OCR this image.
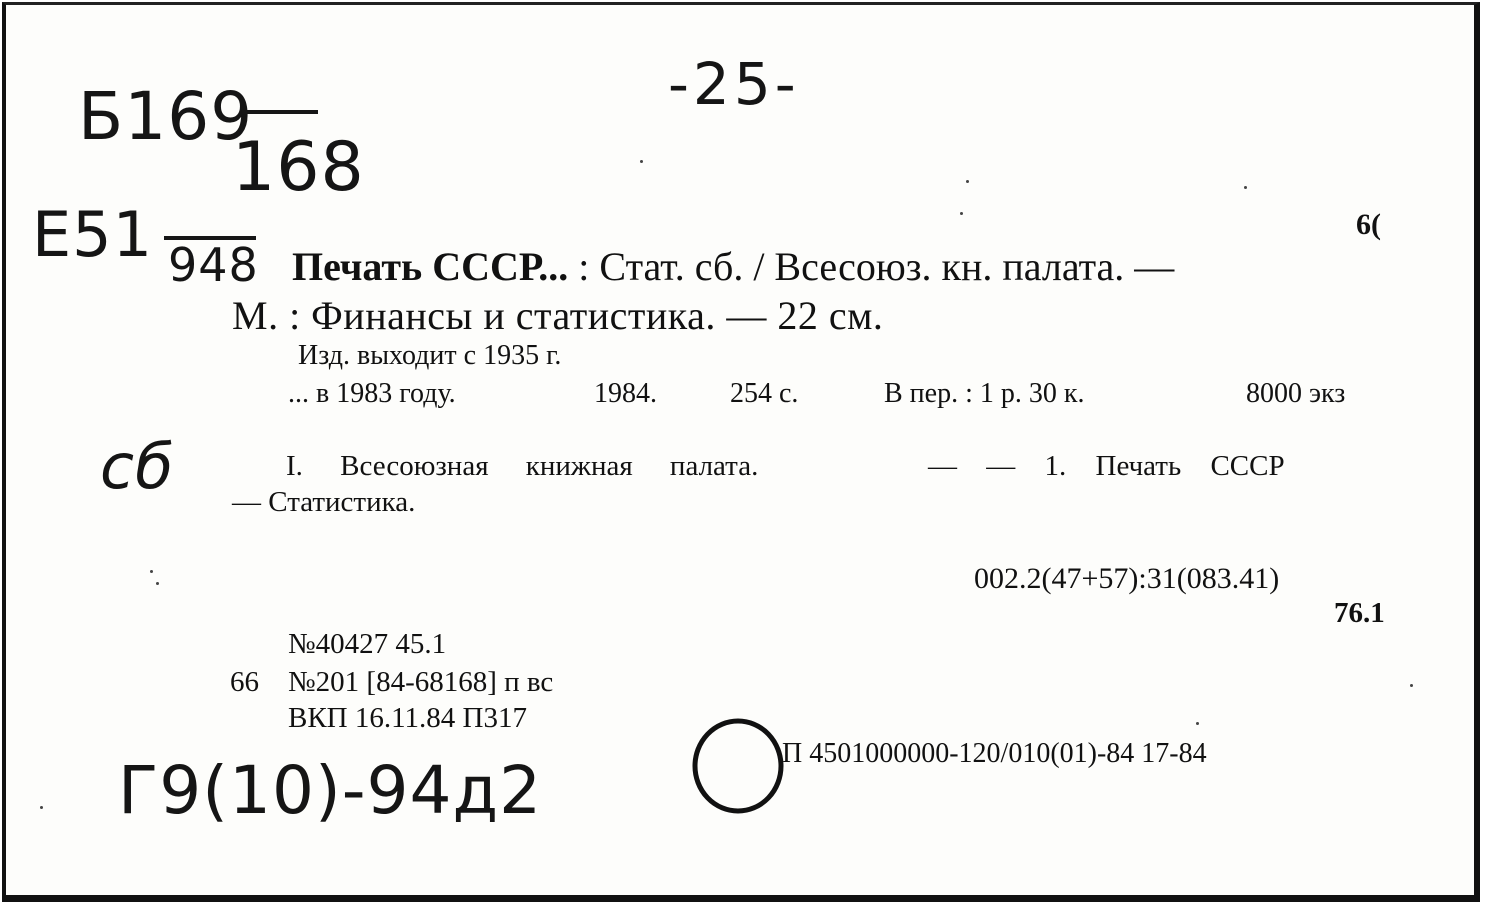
-25-
Б169
168
Е51 948
сб
Г9(10)-94д2
6(
Печать СССР... : Стат. сб. / Всесоюз. кн. палата. —
М. : Финансы и статистика. — 22 см.
Изд. выходит с 1935 г.
... в 1983 году.	1984.	254 с.	В пер. : 1 р. 30 к.	8000 экз
I. Всесоюзная книжная палата.	— — 1. Печать СССР
— Статистика.
002.2(47+57):31(083.41)
76.1
№40427 45.1
66 №201 [84-68168] п вс
ВКП 16.11.84 П317
П 4501000000-120/010(01)-84 17-84
